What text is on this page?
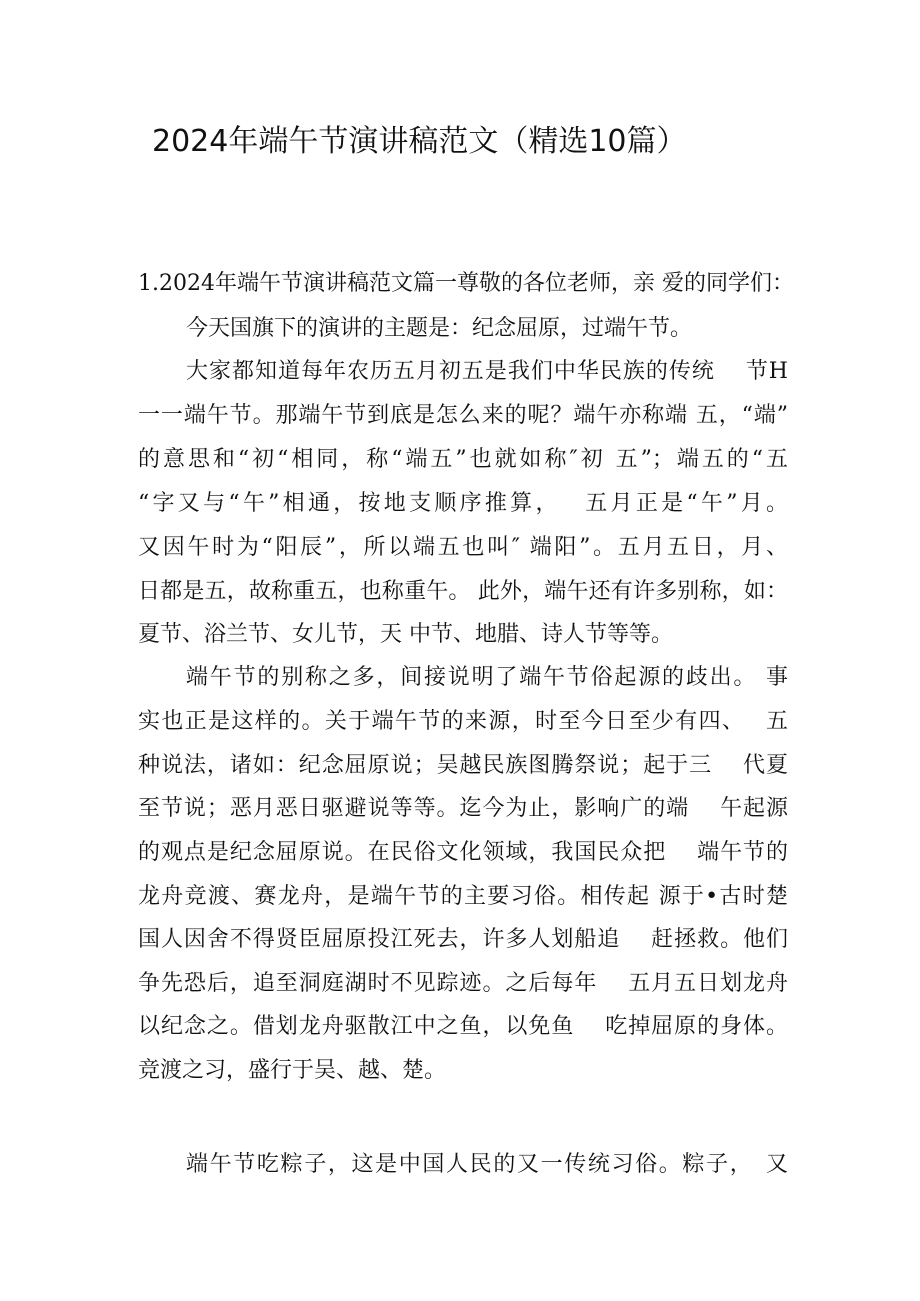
2024年端午节演讲稿范文（精选10篇）
1.2024年端午节演讲稿范文篇一尊敬的各位老师，亲 爱的同学们：
今天国旗下的演讲的主题是：纪念屈原，过端午节。
大家都知道每年农历五月初五是我们中华民族的传统　 节H
一一端午节。那端午节到底是怎么来的呢？端午亦称端 五，“端”
的意思和“初“相同，称“端五”也就如称″初 五”；端五的“五
“字又与“午”相通，按地支顺序推算，　 五月正是“午”月。
又因午时为“阳辰”，所以端五也叫″ 端阳”。五月五日，月、
日都是五，故称重五，也称重午。 此外，端午还有许多别称，如：
夏节、浴兰节、女儿节，天 中节、地腊、诗人节等等。
端午节的别称之多，间接说明了端午节俗起源的歧出。 事
实也正是这样的。关于端午节的来源，时至今日至少有四、　 五
种说法，诸如：纪念屈原说；吴越民族图腾祭说；起于三　 代夏
至节说；恶月恶日驱避说等等。迄今为止，影响广的端　 午起源
的观点是纪念屈原说。在民俗文化领域，我国民众把　 端午节的
龙舟竞渡、赛龙舟，是端午节的主要习俗。相传起 源于•古时楚
国人因舍不得贤臣屈原投江死去，许多人划船追　 赶拯救。他们
争先恐后，追至洞庭湖时不见踪迹。之后每年　 五月五日划龙舟
以纪念之。借划龙舟驱散江中之鱼，以免鱼　 吃掉屈原的身体。
竞渡之习，盛行于吴、越、楚。
端午节吃粽子，这是中国人民的又一传统习俗。粽子，　又
